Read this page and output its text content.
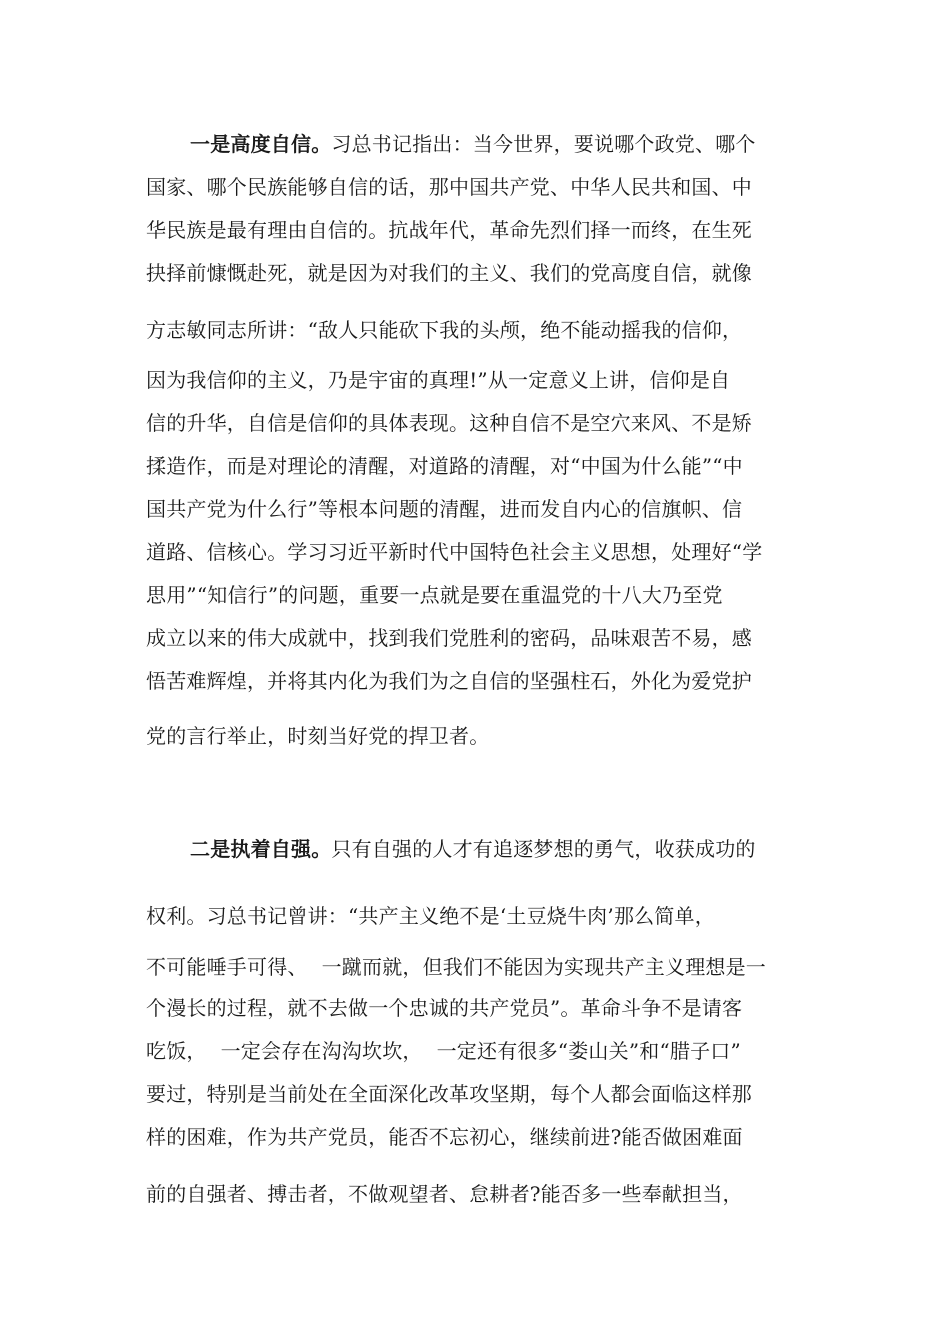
一是高度自信。习总书记指出：当今世界，要说哪个政党、哪个
国家、哪个民族能够自信的话，那中国共产党、中华人民共和国、中
华民族是最有理由自信的。抗战年代，革命先烈们择一而终，在生死
抉择前慷慨赴死，就是因为对我们的主义、我们的党高度自信，就像
方志敏同志所讲：“敌人只能砍下我的头颅，绝不能动摇我的信仰，
因为我信仰的主义，乃是宇宙的真理!”从一定意义上讲，信仰是自
信的升华，自信是信仰的具体表现。这种自信不是空穴来风、不是矫
揉造作，而是对理论的清醒，对道路的清醒，对“中国为什么能”“中
国共产党为什么行”等根本问题的清醒，进而发自内心的信旗帜、信
道路、信核心。学习习近平新时代中国特色社会主义思想，处理好“学
思用”“知信行”的问题，重要一点就是要在重温党的十八大乃至党
成立以来的伟大成就中，找到我们党胜利的密码，品味艰苦不易，感
悟苦难辉煌，并将其内化为我们为之自信的坚强柱石，外化为爱党护
党的言行举止，时刻当好党的捍卫者。
二是执着自强。只有自强的人才有追逐梦想的勇气，收获成功的
权利。习总书记曾讲：“共产主义绝不是‘土豆烧牛肉’那么简单，
不可能唾手可得、 一蹴而就，但我们不能因为实现共产主义理想是一
个漫长的过程，就不去做一个忠诚的共产党员”。革命斗争不是请客
吃饭， 一定会存在沟沟坎坎， 一定还有很多“娄山关”和“腊子口”
要过，特别是当前处在全面深化改革攻坚期，每个人都会面临这样那
样的困难，作为共产党员，能否不忘初心，继续前进?能否做困难面
前的自强者、搏击者，不做观望者、怠耕者?能否多一些奉献担当，
